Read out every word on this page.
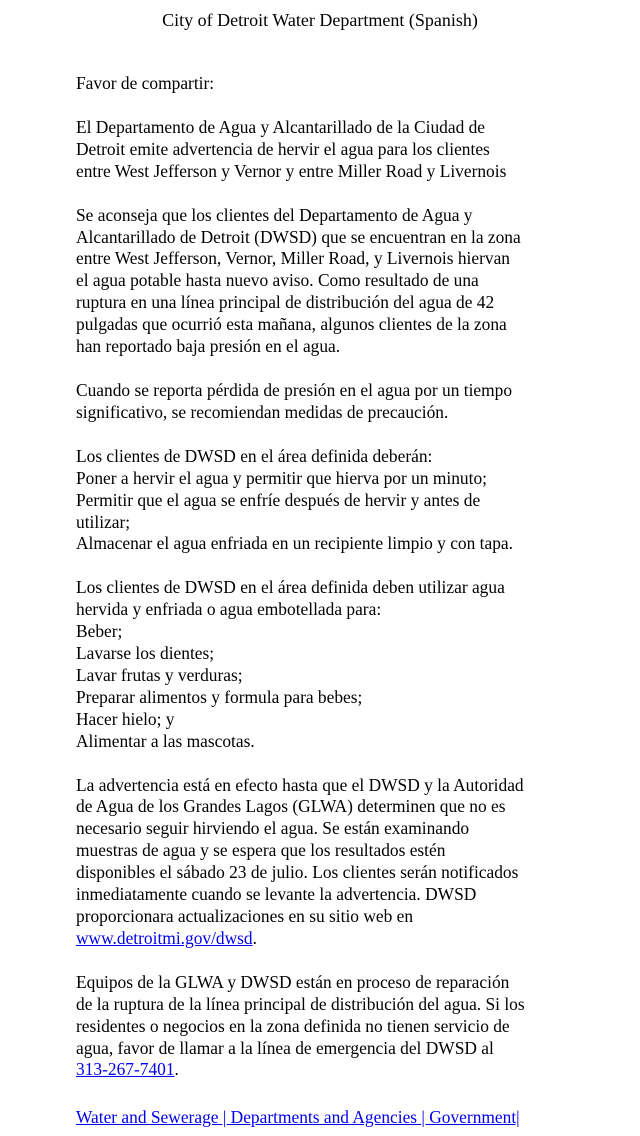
City of Detroit Water Department (Spanish)

Favor de compartir:

El Departamento de Agua y Alcantarillado de la Ciudad de
Detroit emite advertencia de hervir el agua para los clientes
entre West Jefferson y Vernor y entre Miller Road y Livernois

Se aconseja que los clientes del Departamento de Agua y
Alcantarillado de Detroit (DWSD) que se encuentran en la zona
entre West Jefferson, Vernor, Miller Road, y Livernois hiervan
el agua potable hasta nuevo aviso. Como resultado de una
ruptura en una línea principal de distribución del agua de 42
pulgadas que ocurrió esta mañana, algunos clientes de la zona
han reportado baja presión en el agua.

Cuando se reporta pérdida de presión en el agua por un tiempo
significativo, se recomiendan medidas de precaución.

Los clientes de DWSD en el área definida deberán:
Poner a hervir el agua y permitir que hierva por un minuto;
Permitir que el agua se enfríe después de hervir y antes de
utilizar;
Almacenar el agua enfriada en un recipiente limpio y con tapa.

Los clientes de DWSD en el área definida deben utilizar agua
hervida y enfriada o agua embotellada para:
Beber;
Lavarse los dientes;
Lavar frutas y verduras;
Preparar alimentos y formula para bebes;
Hacer hielo; y
Alimentar a las mascotas.

La advertencia está en efecto hasta que el DWSD y la Autoridad
de Agua de los Grandes Lagos (GLWA) determinen que no es
necesario seguir hirviendo el agua. Se están examinando
muestras de agua y se espera que los resultados estén
disponibles el sábado 23 de julio. Los clientes serán notificados
inmediatamente cuando se levante la advertencia. DWSD
proporcionara actualizaciones en su sitio web en
www.detroitmi.gov/dwsd.

Equipos de la GLWA y DWSD están en proceso de reparación
de la ruptura de la línea principal de distribución del agua. Si los
residentes o negocios en la zona definida no tienen servicio de
agua, favor de llamar a la línea de emergencia del DWSD al
313-267-7401.

Water and Sewerage | Departments and Agencies | Government|
